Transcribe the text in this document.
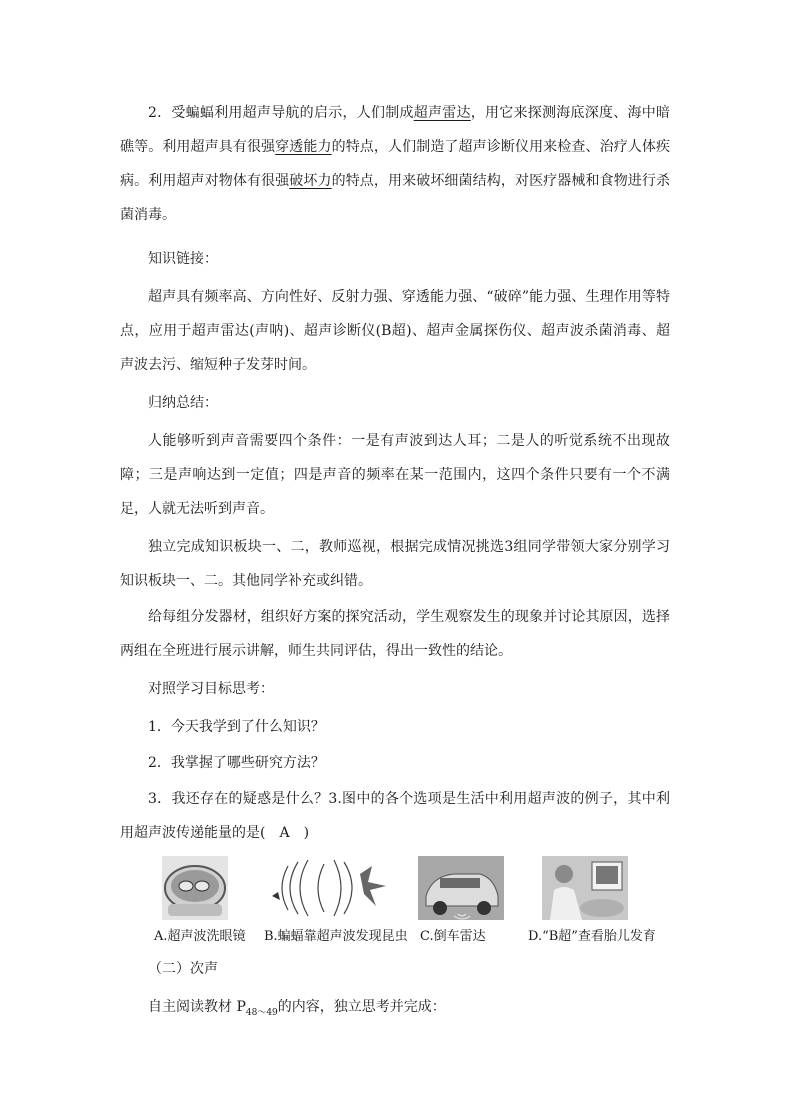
2．受蝙蝠利用超声导航的启示，人们制成超声雷达，用它来探测海底深度、海中暗礁等。利用超声具有很强穿透能力的特点，人们制造了超声诊断仪用来检查、治疗人体疾病。利用超声对物体有很强破坏力的特点，用来破坏细菌结构，对医疗器械和食物进行杀菌消毒。

知识链接：

超声具有频率高、方向性好、反射力强、穿透能力强、“破碎”能力强、生理作用等特点，应用于超声雷达(声呐)、超声诊断仪(B超)、超声金属探伤仪、超声波杀菌消毒、超声波去污、缩短种子发芽时间。

归纳总结：

人能够听到声音需要四个条件：一是有声波到达人耳；二是人的听觉系统不出现故障；三是声响达到一定值；四是声音的频率在某一范围内，这四个条件只要有一个不满足，人就无法听到声音。

独立完成知识板块一、二，教师巡视，根据完成情况挑选3组同学带领大家分别学习知识板块一、二。其他同学补充或纠错。

给每组分发器材，组织好方案的探究活动，学生观察发生的现象并讨论其原因，选择两组在全班进行展示讲解，师生共同评估，得出一致性的结论。

对照学习目标思考：

1．今天我学到了什么知识？

2．我掌握了哪些研究方法？

3．我还存在的疑惑是什么？3.图中的各个选项是生活中利用超声波的例子，其中利用超声波传递能量的是(　A　)

A.超声波洗眼镜 B.蝙蝠靠超声波发现昆虫 C.倒车雷达	D.“B超”查看胎儿发育

（二）次声

自主阅读教材 $P_{48\sim 49}$的内容，独立思考并完成：
